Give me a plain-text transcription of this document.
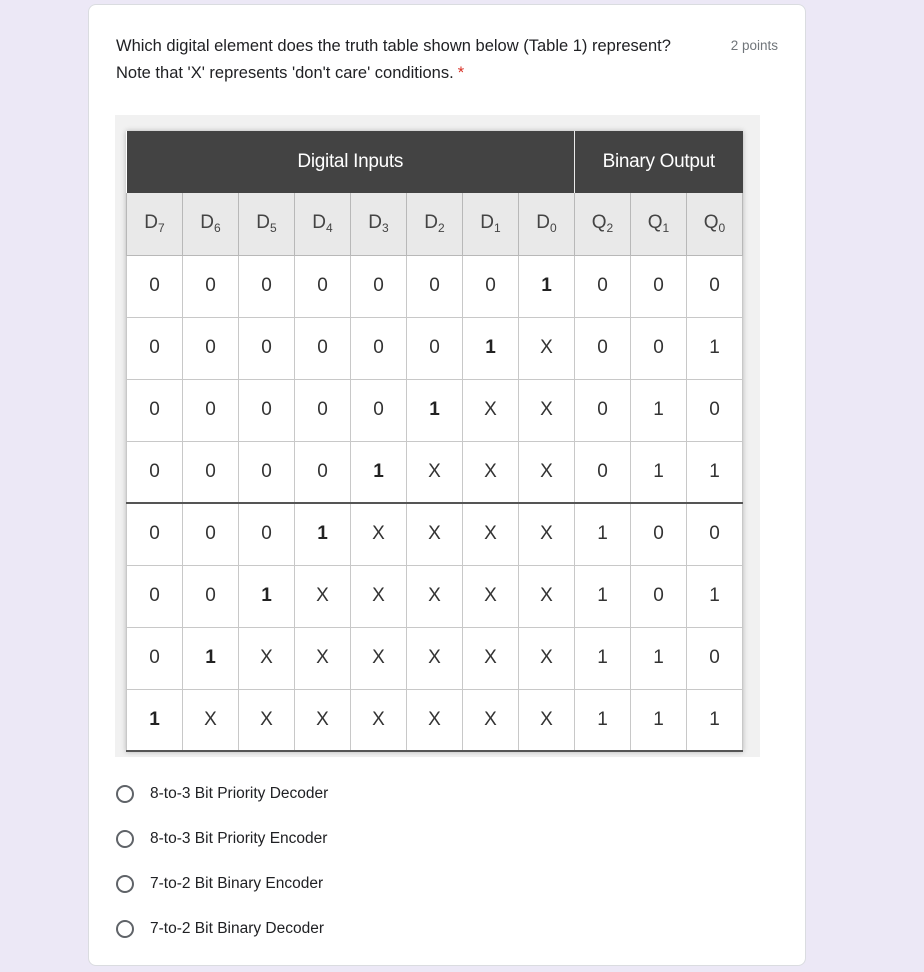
Which digital element does the truth table shown below (Table 1) represent? Note that 'X' represents 'don't care' conditions. *
2 points
Digital Inputs								Binary Output		
$D_7$	$D_6$	$D_5$	$D_4$	$D_3$	$D_2$	$D_1$	$D_0$	$Q_2$	$Q_1$	$Q_0$
0	0	0	0	0	0	0	1	0	0	0
0	0	0	0	0	0	1	X	0	0	1
0	0	0	0	0	1	X	X	0	1	0
0	0	0	0	1	X	X	X	0	1	1
0	0	0	1	X	X	X	X	1	0	0
0	0	1	X	X	X	X	X	1	0	1
0	1	X	X	X	X	X	X	1	1	0
1	X	X	X	X	X	X	X	1	1	1
8-to-3 Bit Priority Decoder
8-to-3 Bit Priority Encoder
7-to-2 Bit Binary Encoder
7-to-2 Bit Binary Decoder
